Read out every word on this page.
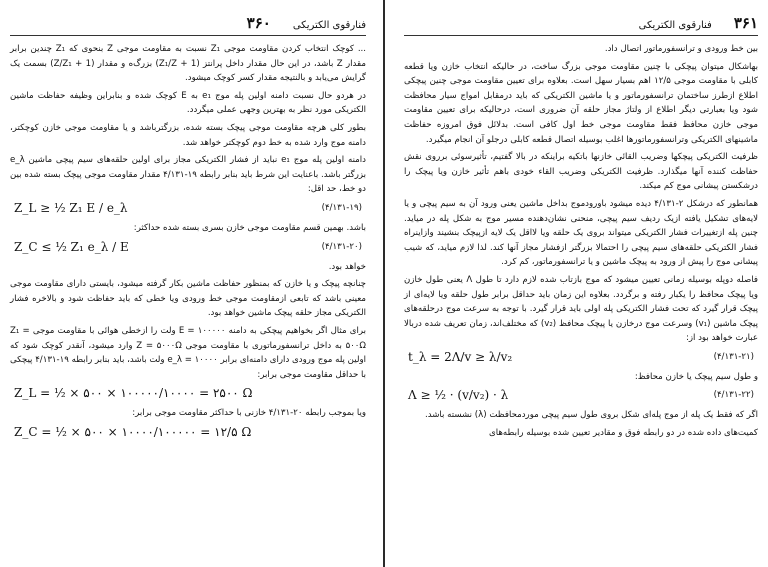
۳۶۰ فنارقوی الکتریکی

... کوچک انتخاب کردن مقاومت موجی Z₁ نسبت به مقاومت موجی Z بنحوی که Z₁ چندین برابر مقدار Z باشد، در این حال مقدار داخل پرانتز (1 + Z₁/Z) بزرگ‌ه و مقدار (1 + Z/Z₁) بسمت یک گرایش می‌یابد و بالنتیجه مقدار کسر کوچک میشود.

در هردو حال نسبت دامنه اولین پله موج e₁ به E کوچک شده و بنابراین وظیفه حفاظت ماشین الکتریکی مورد نظر به بهترین وجهی عملی میگردد.

بطور کلی هرچه مقاومت موجی پیچک بسته شده، بزرگترباشد و یا مقاومت موجی خازن کوچکتر، دامنه موج وارد شده به خط دوم کوچکتر خواهد شد.

دامنه اولین پله موج e₁ نباید از فشار الکتریکی مجاز برای اولین حلقه‌های سیم پیچی ماشین e_λ بزرگتر باشد. باعنایت این شرط باید بنابر رابطه ۱۹-۴/۱۳۱ مقدار مقاومت موجی پیچک بسته شده بین دو خط، حد اقل:

Z_L ≥ ½ Z₁ E / e_λ	(۴/۱۳۱-۱۹)

باشد. بهمین قسم مقاومت موجی خازن بسری بسته شده حداکثر:

Z_C ≤ ½ Z₁ e_λ / E	(۴/۱۳۱-۲۰)

خواهد بود.

چنانچه پیچک و یا خازن که بمنظور حفاظت ماشین بکار گرفته میشود، بایستی دارای مقاومت موجی معینی باشد که تابعی ازمقاومت موجی خط ورودی ویا خطی که باید حفاظت شود و بالاخره فشار الکتریکی مجاز حلقه پیچک ماشین خواهد بود.

برای مثال اگر بخواهیم پیچکی به دامنه E = ۱۰۰۰۰۰ ولت را ازخطی هوائی با مقاومت موجی Z₁ = ۵۰۰Ω به داخل ترانسفورماتوری با مقاومت موجی Z = ۵۰۰۰Ω وارد میشود، آنقدر کوچک شود که اولین پله موج ورودی دارای دامنه‌ای برابر e_λ = ۱۰۰۰۰ ولت باشد، باید بنابر رابطه ۱۹-۴/۱۳۱ پیچکی با حداقل مقاومت موجی برابر:

Z_L = ½ × ۵۰۰ × ۱۰۰۰۰۰/۱۰۰۰۰ = ۲۵۰۰ Ω

ویا بموجب رابطه ۲۰-۴/۱۳۱ خازنی با حداکثر مقاومت موجی برابر:

Z_C = ½ × ۵۰۰ × ۱۰۰۰۰/۱۰۰۰۰۰ = ۱۲/۵ Ω
۳۶۱
فنارقوی الکتریکی

بین خط ورودی و ترانسفورماتور اتصال داد.

بهاشکال میتوان پیچکی با چنین مقاومت موجی بزرگ ساخت، در حالیکه انتخاب خازن ویا قطعه کابلی با مقاومت موجی ۱۲/۵ اهم بسیار سهل است. بعلاوه برای تعیین مقاومت موجی چنین پیچکی اطلاع ازطرز ساختمان ترانسفورماتور و یا ماشین الکتریکی که باید درمقابل امواج سیار محافظت شود ویا بعبارتی دیگر اطلاع از ولتاژ مجاز حلقه آن ضروری است، درحالیکه برای تعیین مقاومت موجی خازن محافظ فقط مقاومت موجی خط اول کافی است. بدلائل فوق امروزه حفاظت ماشینهای الکتریکی وترانسفورماتورها اغلب بوسیله اتصال قطعه کابلی درجلو آن انجام میگیرد.

ظرفیت الکتریکی پیچکها وضریب القائی خازنها باتکیه براینکه در بالا گفتیم، تأثیرسوئی برروی نقش حفاظت کننده آنها میگذارد. ظرفیت الکتریکی وضریب القاء خودی باهم تأثیر خازن ویا پیچک را درشکستن پیشانی موج کم میکند.

همانطور که درشکل ۲-۴/۱۳۱ دیده میشود باورودموج بداخل ماشین یعنی ورود آن به سیم پیچی و یا لایه‌های تشکیل یافته ازیک ردیف سیم پیچی، منحنی نشان‌دهنده مسیر موج به شکل پله در میاید. چنین پله ازتغییرات فشار الکتریکی میتواند بروی یک حلقه ویا لااقل یک لایه ازپیچک بنشیند وازاینراه فشار الکتریکی حلقه‌های سیم پیچی را احتمالا بزرگتر ازفشار مجاز آنها کند. لذا لازم میاید، که شیب پیشانی موج را پیش از ورود به پیچک ماشین و یا ترانسفورماتور، کم کرد.

فاصله دوپله بوسیله زمانی تعیین میشود که موج بازتاب شده لازم دارد تا طول Λ یعنی طول خازن ویا پیچک محافظ را یکبار رفته و برگردد. بعلاوه این زمان باید حداقل برابر طول حلقه ویا لایه‌ای از پیچک قرار گیرد که تحت فشار الکتریکی پله اولی باید قرار گیرد. با توجه به سرعت موج درحلقه‌های پیچک ماشین (v₁) وسرعت موج درخازن یا پیچک محافظ (v₂) که مختلف‌اند، زمان تعریف شده دربالا عبارت خواهد بود از:

t_λ = 2Λ/v ≥ λ/v₂	(۴/۱۳۱-۲۱)

و طول سیم پیچک یا خازن محافظ:

Λ ≥ ½ · (v/v₂) · λ	(۴/۱۳۱-۲۲)

اگر که فقط یک پله از موج پله‌ای شکل بروی طول سیم پیچی موردمحافظت (λ) نشسته باشد.

کمیت‌های داده شده در دو رابطه فوق و مقادیر تعیین شده بوسیله رابطه‌های
